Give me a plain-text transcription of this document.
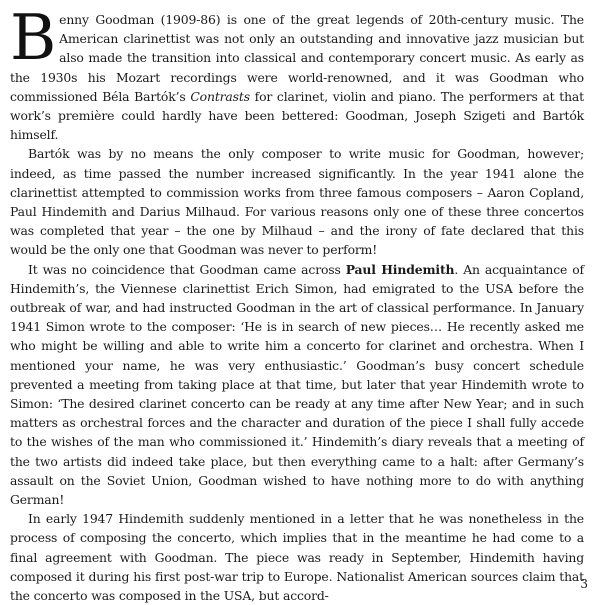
Benny Goodman (1909-86) is one of the great legends of 20th-century music. The American clarinettist was not only an outstanding and innovative jazz musician but also made the transition into classical and contemporary concert music. As early as the 1930s his Mozart recordings were world-renowned, and it was Goodman who commissioned Béla Bartók’s Contrasts for clarinet, violin and piano. The performers at that work’s première could hardly have been bettered: Goodman, Joseph Szigeti and Bartók himself.

Bartók was by no means the only composer to write music for Goodman, however; indeed, as time passed the number increased significantly. In the year 1941 alone the clarinettist attempted to commission works from three famous composers – Aaron Copland, Paul Hindemith and Darius Milhaud. For various reasons only one of these three concertos was completed that year – the one by Milhaud – and the irony of fate declared that this would be the only one that Goodman was never to perform!

It was no coincidence that Goodman came across Paul Hindemith. An acquaintance of Hindemith’s, the Viennese clarinettist Erich Simon, had emigrated to the USA before the outbreak of war, and had instructed Goodman in the art of classical performance. In January 1941 Simon wrote to the composer: ‘He is in search of new pieces… He recently asked me who might be willing and able to write him a concerto for clarinet and orchestra. When I mentioned your name, he was very enthusiastic.’ Goodman’s busy concert schedule prevented a meeting from taking place at that time, but later that year Hindemith wrote to Simon: ‘The desired clarinet concerto can be ready at any time after New Year; and in such matters as orchestral forces and the character and duration of the piece I shall fully accede to the wishes of the man who commissioned it.’ Hindemith’s diary reveals that a meeting of the two artists did indeed take place, but then everything came to a halt: after Germany’s assault on the Soviet Union, Goodman wished to have nothing more to do with anything German!

In early 1947 Hindemith suddenly mentioned in a letter that he was nonetheless in the process of composing the concerto, which implies that in the meantime he had come to a final agreement with Goodman. The piece was ready in September, Hindemith having composed it during his first post-war trip to Europe. Nationalist American sources claim that the concerto was composed in the USA, but accord-

3
